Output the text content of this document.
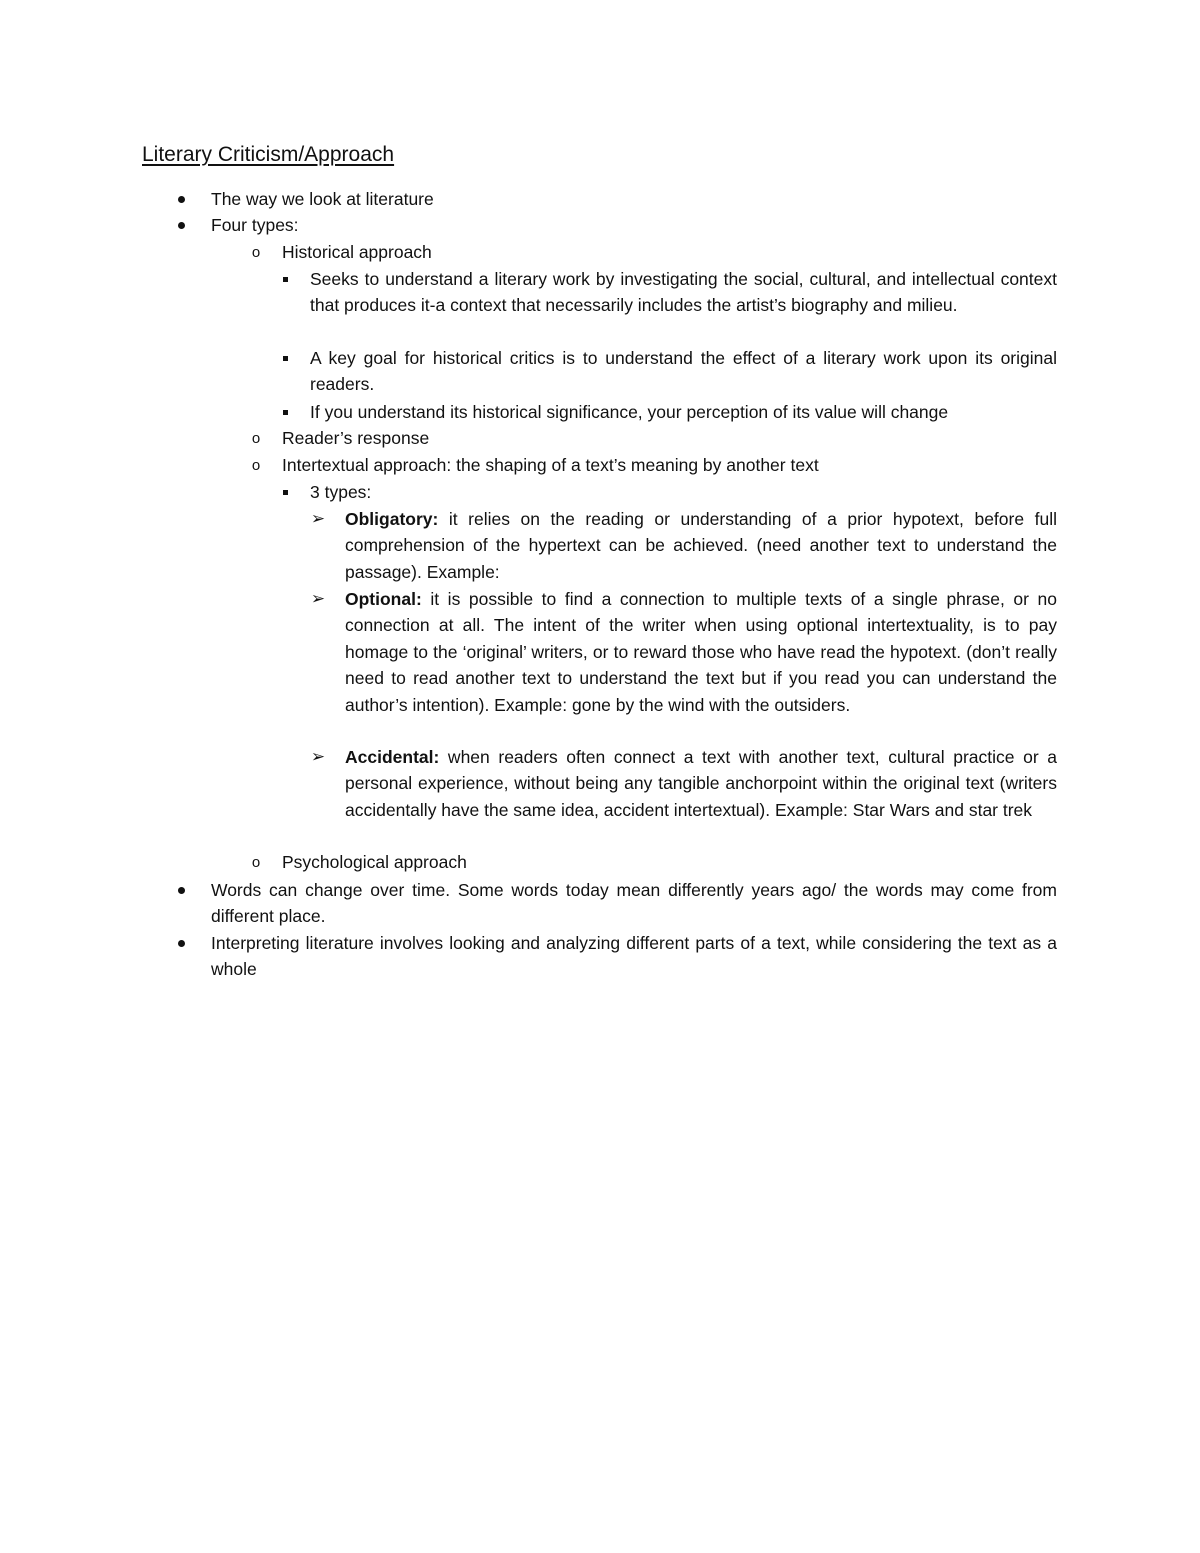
Literary Criticism/Approach
The way we look at literature
Four types:
o	Historical approach
Seeks to understand a literary work by investigating the social, cultural, and intellectual context that produces it-a context that necessarily includes the artist’s biography and milieu.
A key goal for historical critics is to understand the effect of a literary work upon its original readers.
If you understand its historical significance, your perception of its value will change
o	Reader’s response
o	Intertextual approach: the shaping of a text’s meaning by another text
3 types:
➢ Obligatory: it relies on the reading or understanding of a prior hypotext, before full comprehension of the hypertext can be achieved. (need another text to understand the passage). Example:
➢ Optional: it is possible to find a connection to multiple texts of a single phrase, or no connection at all. The intent of the writer when using optional intertextuality, is to pay homage to the ‘original’ writers, or to reward those who have read the hypotext. (don’t really need to read another text to understand the text but if you read you can understand the author’s intention). Example: gone by the wind with the outsiders.
➢ Accidental: when readers often connect a text with another text, cultural practice or a personal experience, without being any tangible anchorpoint within the original text (writers accidentally have the same idea, accident intertextual). Example: Star Wars and star trek
o	Psychological approach
Words can change over time. Some words today mean differently years ago/ the words may come from different place.
Interpreting literature involves looking and analyzing different parts of a text, while considering the text as a whole
